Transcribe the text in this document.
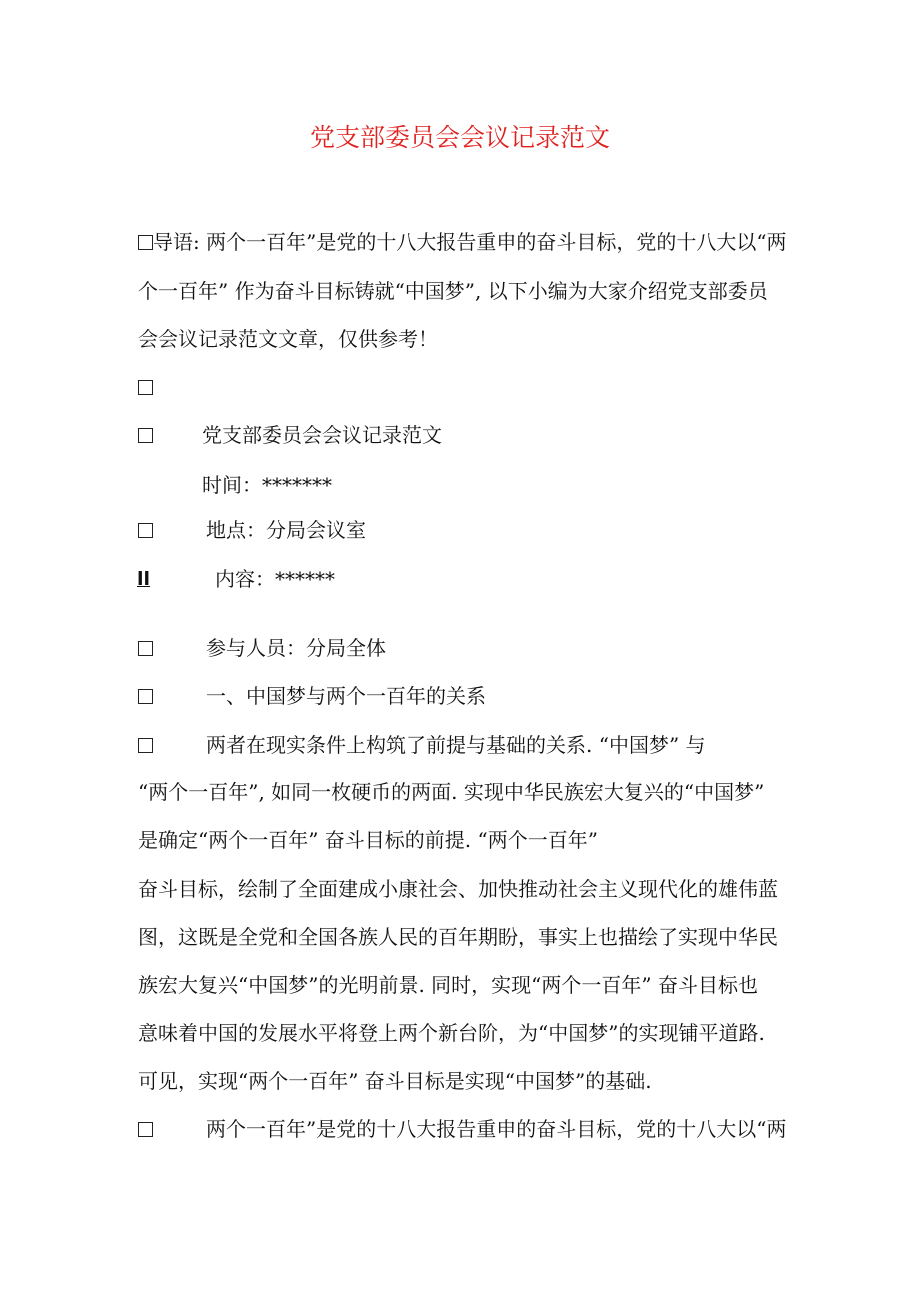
党支部委员会会议记录范文
导语: 两个一百年”是党的十八大报告重申的奋斗目标，党的十八大以“两
个一百年” 作为奋斗目标铸就“中国梦”, 以下小编为大家介绍党支部委员
会会议记录范文文章，仅供参考！
党支部委员会会议记录范文
时间：*******
地点：分局会议室
ll	内容：******
参与人员：分局全体
一、中国梦与两个一百年的关系
两者在现实条件上构筑了前提与基础的关系. “中国梦” 与
“两个一百年”, 如同一枚硬币的两面. 实现中华民族宏大复兴的“中国梦”
是确定“两个一百年” 奋斗目标的前提. “两个一百年”
奋斗目标，绘制了全面建成小康社会、加快推动社会主义现代化的雄伟蓝
图，这既是全党和全国各族人民的百年期盼，事实上也描绘了实现中华民
族宏大复兴“中国梦”的光明前景. 同时，实现“两个一百年” 奋斗目标也
意味着中国的发展水平将登上两个新台阶，为“中国梦”的实现铺平道路.
可见，实现“两个一百年” 奋斗目标是实现“中国梦”的基础.
两个一百年”是党的十八大报告重申的奋斗目标，党的十八大以“两
